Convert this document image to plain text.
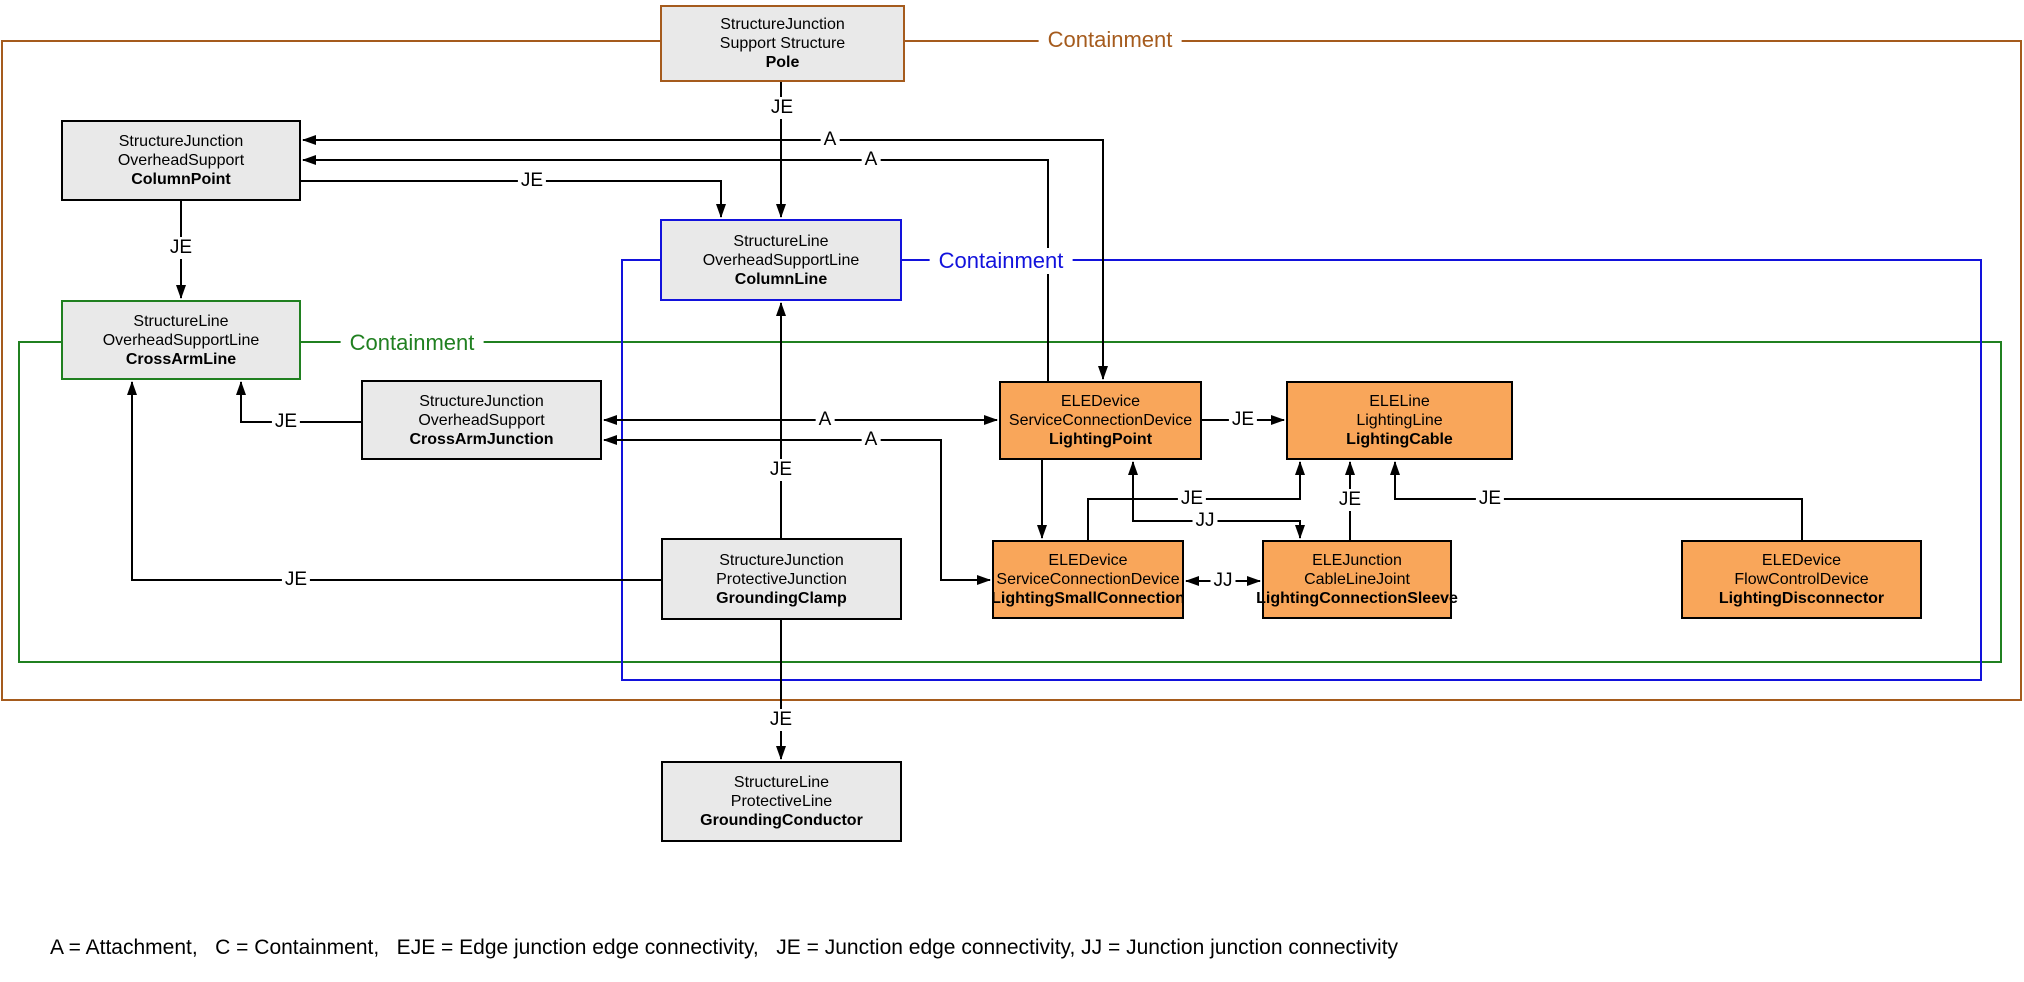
StructureJunction
Support Structure
Pole
StructureJunction
OverheadSupport
ColumnPoint
StructureLine
OverheadSupportLine
ColumnLine
StructureLine
OverheadSupportLine
CrossArmLine
StructureJunction
OverheadSupport
CrossArmJunction
StructureJunction
ProtectiveJunction
GroundingClamp
ELEDevice
ServiceConnectionDevice
LightingPoint
ELELine
LightingLine
LightingCable
ELEDevice
ServiceConnectionDevice
LightingSmallConnection
ELEJunction
CableLineJoint
LightingConnectionSleeve
ELEDevice
FlowControlDevice
LightingDisconnector
StructureLine
ProtectiveLine
GroundingConductor
Containment
Containment
Containment
JE
A
A
JE
JE
JE
JE
JE
A
A
JE
JE
JJ
JE	JE
JJ
JE
A = Attachment,   C = Containment,   EJE = Edge junction edge connectivity,   JE = Junction edge connectivity, JJ = Junction junction connectivity
